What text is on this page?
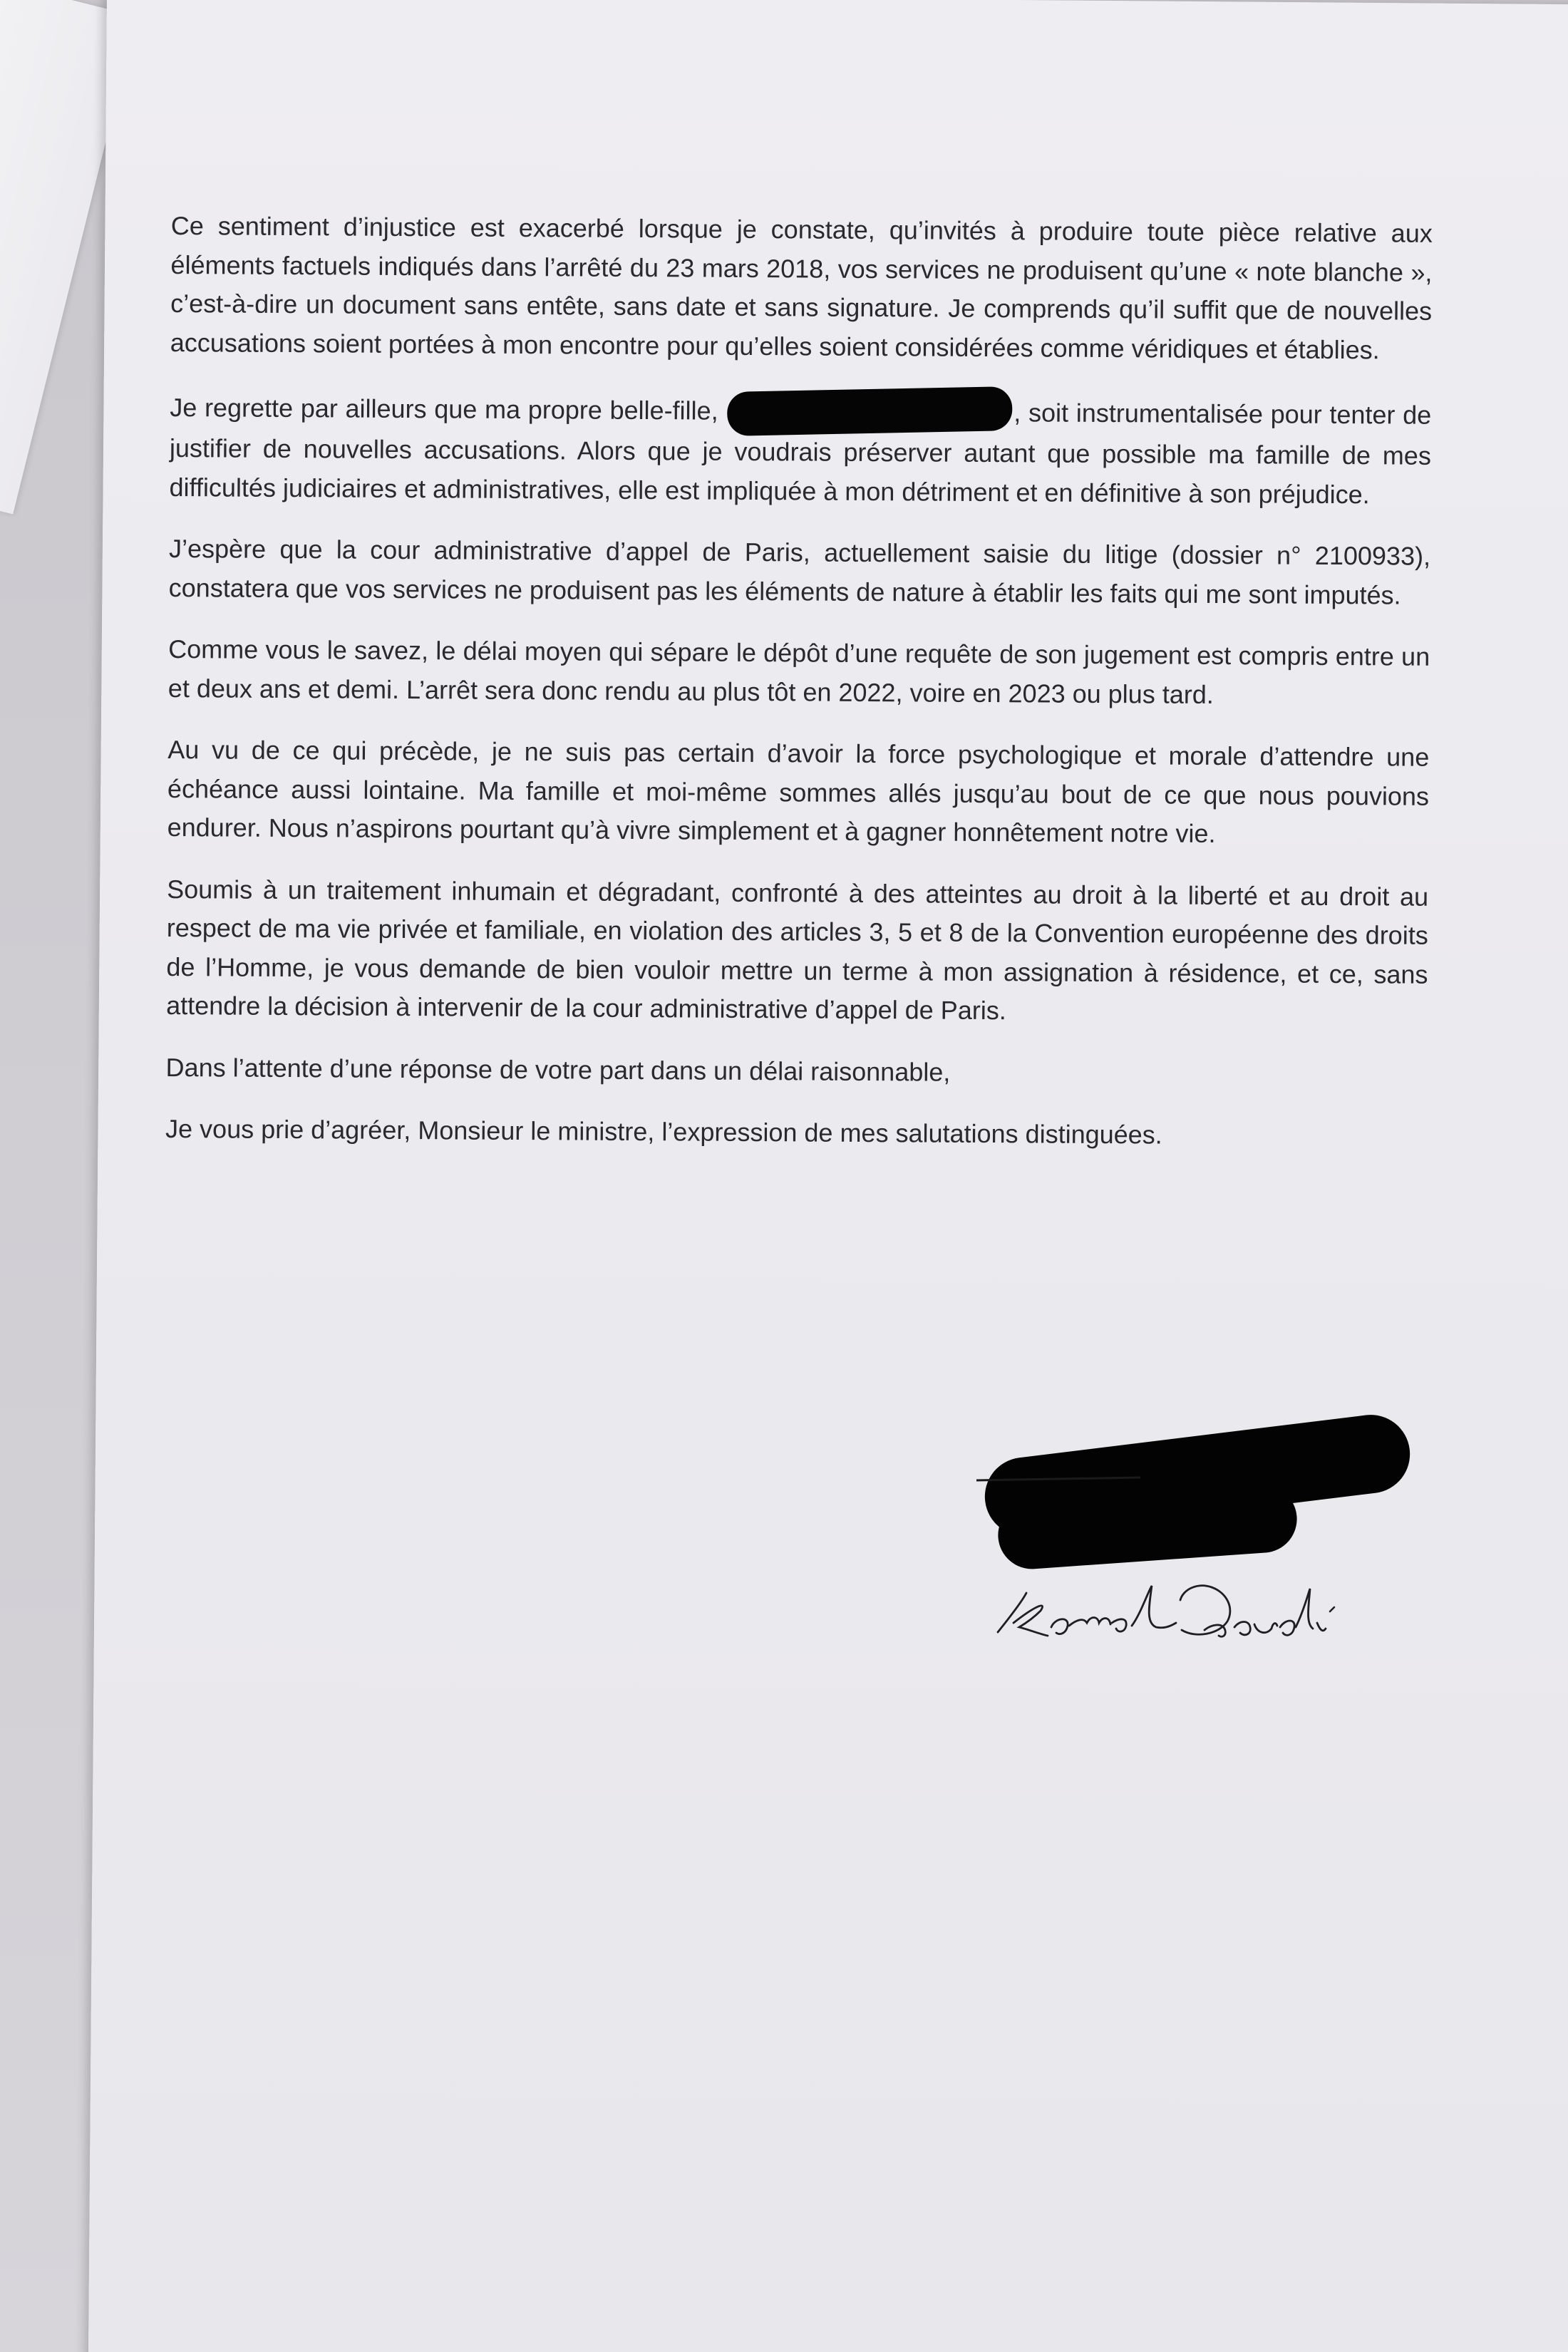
Ce sentiment d’injustice est exacerbé lorsque je constate, qu’invités à produire toute pièce relative aux éléments factuels indiqués dans l’arrêté du 23 mars 2018, vos services ne produisent qu’une « note blanche », c’est-à-dire un document sans entête, sans date et sans signature. Je comprends qu’il suffit que de nouvelles accusations soient portées à mon encontre pour qu’elles soient considérées comme véridiques et établies.

Je regrette par ailleurs que ma propre belle-fille,	, soit instrumentalisée pour tenter de justifier de nouvelles accusations. Alors que je voudrais préserver autant que possible ma famille de mes difficultés judiciaires et administratives, elle est impliquée à mon détriment et en définitive à son préjudice.

J’espère que la cour administrative d’appel de Paris, actuellement saisie du litige (dossier n° 2100933), constatera que vos services ne produisent pas les éléments de nature à établir les faits qui me sont imputés.

Comme vous le savez, le délai moyen qui sépare le dépôt d’une requête de son jugement est compris entre un et deux ans et demi. L’arrêt sera donc rendu au plus tôt en 2022, voire en 2023 ou plus tard.

Au vu de ce qui précède, je ne suis pas certain d’avoir la force psychologique et morale d’attendre une échéance aussi lointaine. Ma famille et moi-même sommes allés jusqu’au bout de ce que nous pouvions endurer. Nous n’aspirons pourtant qu’à vivre simplement et à gagner honnêtement notre vie.

Soumis à un traitement inhumain et dégradant, confronté à des atteintes au droit à la liberté et au droit au respect de ma vie privée et familiale, en violation des articles 3, 5 et 8 de la Convention européenne des droits de l’Homme, je vous demande de bien vouloir mettre un terme à mon assignation à résidence, et ce, sans attendre la décision à intervenir de la cour administrative d’appel de Paris.

Dans l’attente d’une réponse de votre part dans un délai raisonnable,

Je vous prie d’agréer, Monsieur le ministre, l’expression de mes salutations distinguées.
